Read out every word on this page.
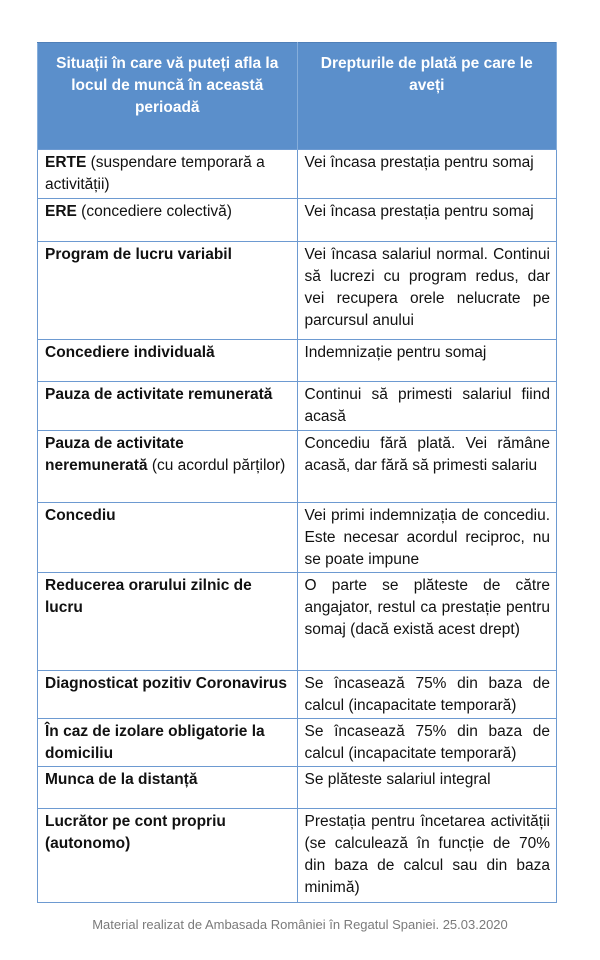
Situații în care vă puteți afla la locul de muncă în această perioadă	Drepturile de plată pe care le aveți
ERTE (suspendare temporară a activității)	Vei încasa prestația pentru somaj
ERE (concediere colectivă)	Vei încasa prestația pentru somaj
Program de lucru variabil	Vei încasa salariul normal. Continui să lucrezi cu program redus, dar vei recupera orele nelucrate pe parcursul anului
Concediere individuală	Indemnizație pentru somaj
Pauza de activitate remunerată	Continui să primesti salariul fiind acasă
Pauza de activitate neremunerată (cu acordul părților)	Concediu fără plată. Vei rămâne acasă, dar fără să primesti salariu
Concediu	Vei primi indemnizația de concediu. Este necesar acordul reciproc, nu se poate impune
Reducerea orarului zilnic de lucru	O parte se plăteste de către angajator, restul ca prestație pentru somaj (dacă există acest drept)
Diagnosticat pozitiv Coronavirus	Se încasează 75% din baza de calcul (incapacitate temporară)
În caz de izolare obligatorie la domiciliu	Se încasează 75% din baza de calcul (incapacitate temporară)
Munca de la distanță	Se plăteste salariul integral
Lucrător pe cont propriu (autonomo)	Prestația pentru încetarea activității (se calculează în funcție de 70% din baza de calcul sau din baza minimă)
Material realizat de Ambasada României în Regatul Spaniei. 25.03.2020
